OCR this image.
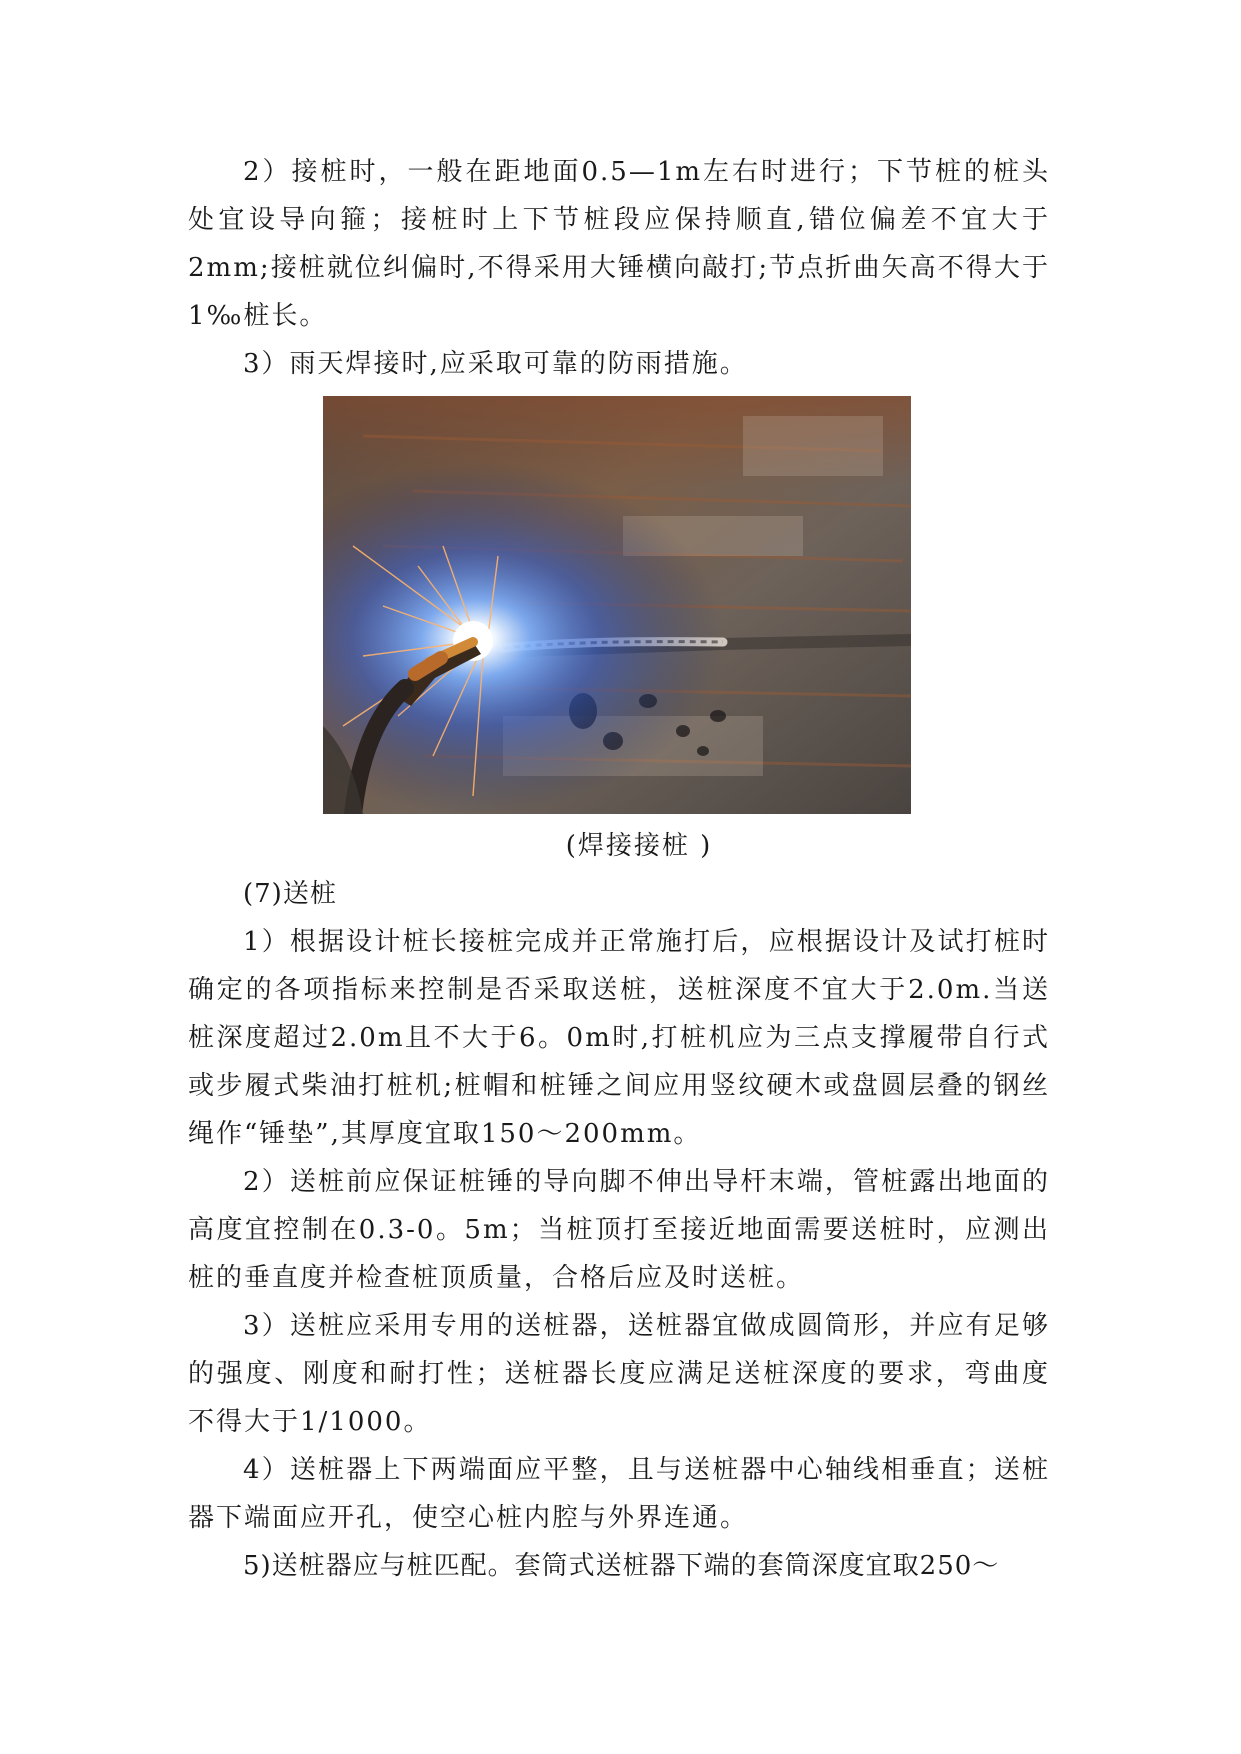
2）接桩时，一般在距地面0.5—1m左右时进行；下节桩的桩头处宜设导向箍；接桩时上下节桩段应保持顺直,错位偏差不宜大于2mm;接桩就位纠偏时,不得采用大锤横向敲打;节点折曲矢高不得大于1‰桩长。

3）雨天焊接时,应采取可靠的防雨措施。

(焊接接桩 )

(7)送桩

1）根据设计桩长接桩完成并正常施打后，应根据设计及试打桩时确定的各项指标来控制是否采取送桩，送桩深度不宜大于2.0m.当送桩深度超过2.0m且不大于6。0m时,打桩机应为三点支撑履带自行式或步履式柴油打桩机;桩帽和桩锤之间应用竖纹硬木或盘圆层叠的钢丝绳作“锤垫”,其厚度宜取150～200mm。

2）送桩前应保证桩锤的导向脚不伸出导杆末端，管桩露出地面的高度宜控制在0.3-0。5m；当桩顶打至接近地面需要送桩时，应测出桩的垂直度并检查桩顶质量，合格后应及时送桩。

3）送桩应采用专用的送桩器，送桩器宜做成圆筒形，并应有足够的强度、刚度和耐打性；送桩器长度应满足送桩深度的要求，弯曲度不得大于1/1000。

4）送桩器上下两端面应平整，且与送桩器中心轴线相垂直；送桩器下端面应开孔，使空心桩内腔与外界连通。

5)送桩器应与桩匹配。套筒式送桩器下端的套筒深度宜取250～
